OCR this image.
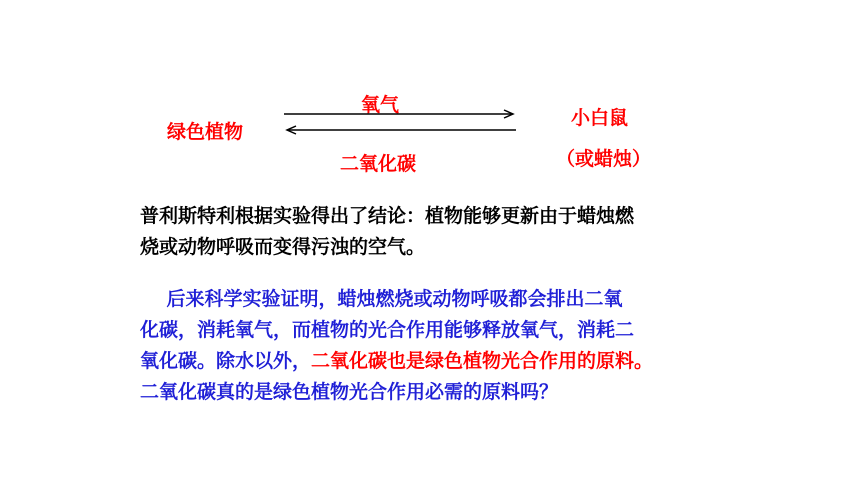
绿色植物
氧气
二氧化碳
小白鼠
（或蜡烛）
普利斯特利根据实验得出了结论：植物能够更新由于蜡烛燃
烧或动物呼吸而变得污浊的空气。
后来科学实验证明，蜡烛燃烧或动物呼吸都会排出二氧
化碳，消耗氧气，而植物的光合作用能够释放氧气，消耗二
氧化碳。除水以外，二氧化碳也是绿色植物光合作用的原料。
二氧化碳真的是绿色植物光合作用必需的原料吗？
